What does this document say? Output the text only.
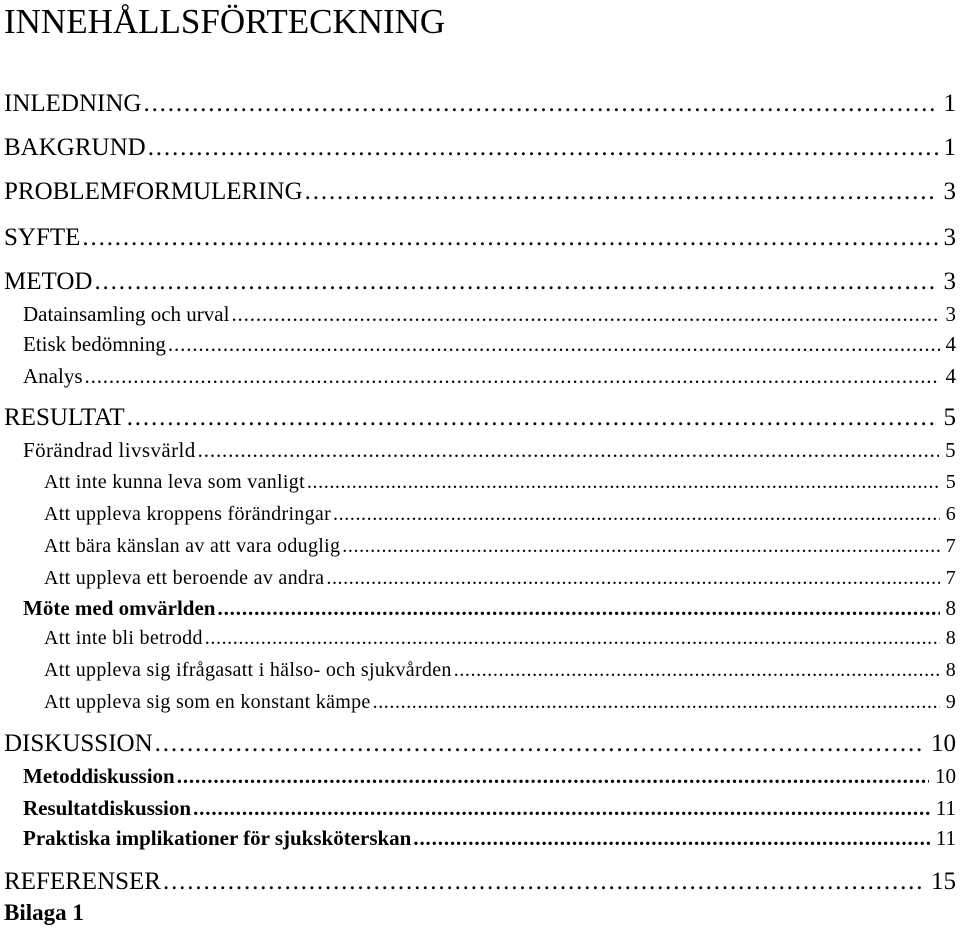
INNEHÅLLSFÖRTECKNING
INLEDNING . . .	1
BAKGRUND . . .	1
PROBLEMFORMULERING . . .	3
SYFTE . . .	3
METOD . . .	3
Datainsamling och urval . . .	3
Etisk bedömning . . .	4
Analys . . .	4
RESULTAT . . .	5
Förändrad livsvärld . . .	5
Att inte kunna leva som vanligt . . .	5
Att uppleva kroppens förändringar . . .	6
Att bära känslan av att vara oduglig . . .	7
Att uppleva ett beroende av andra . . .	7
Möte med omvärlden . . .	8
Att inte bli betrodd . . .	8
Att uppleva sig ifrågasatt i hälso- och sjukvården . . .	8
Att uppleva sig som en konstant kämpe . . .	9
DISKUSSION . . .	10
Metoddiskussion . . .	10
Resultatdiskussion . . .	11
Praktiska implikationer för sjuksköterskan . . .	11
REFERENSER . . .	15
Bilaga 1
